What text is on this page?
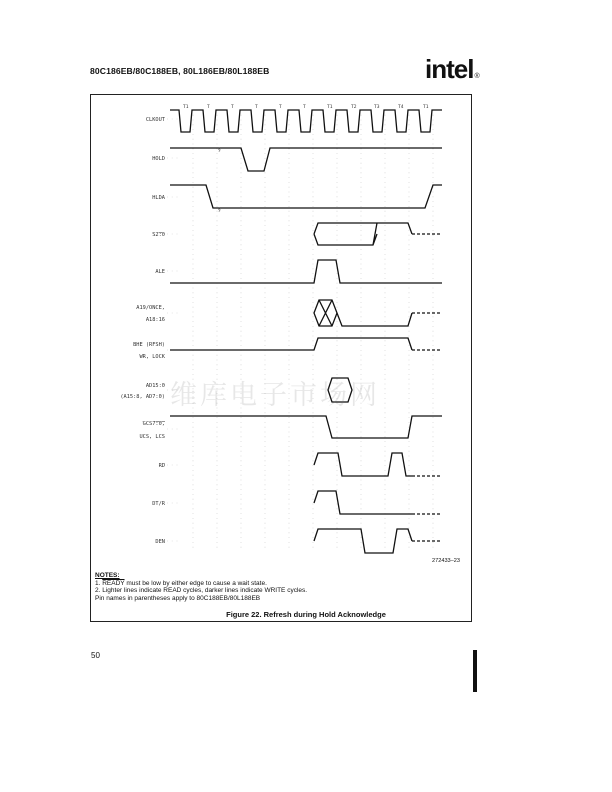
80C186EB/80C188EB, 80L186EB/80L188EB	intel®
T1	T	T	T	T	T	T1	T2	T3	T4	T1
CLKOUT
HOLD
HLDA
S2:0
ALE
A19/ONCE,
A18:16
BHE (RFSH)
WR, LOCK
AD15:0
(A15:8, AD7:0)
GCS7:0,
UCS, LCS
RD
DT/R
DEN
§
§
维库电子市场网
272433–23
NOTES:
1. READY must be low by either edge to cause a wait state.
2. Lighter lines indicate READ cycles, darker lines indicate WRITE cycles.
Pin names in parentheses apply to 80C188EB/80L188EB
Figure 22. Refresh during Hold Acknowledge
50
